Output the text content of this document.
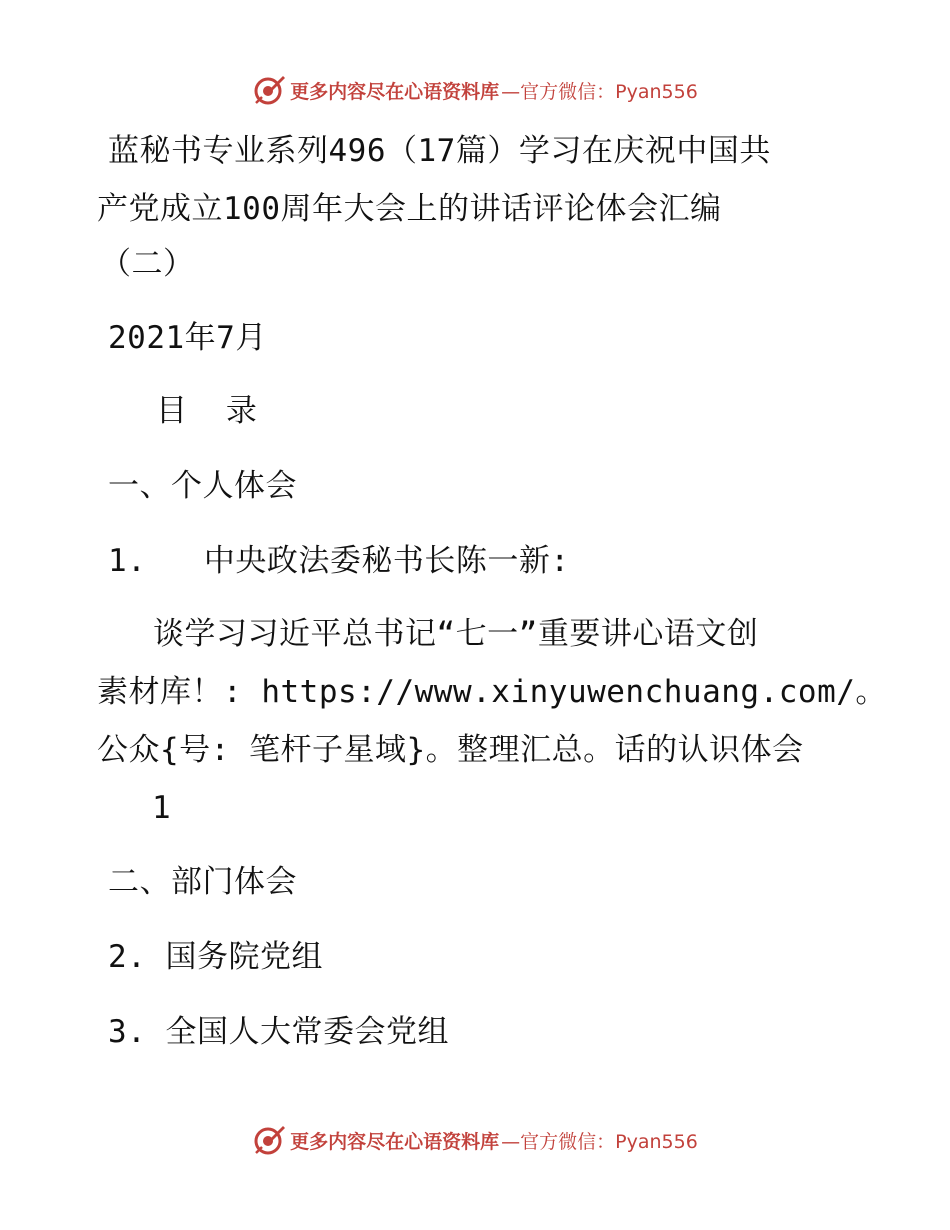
更多内容尽在心语资料库 —官方微信：Pyan556
蓝秘书专业系列496（17篇）学习在庆祝中国共
产党成立100周年大会上的讲话评论体会汇编
（二）
2021年7月
目  录
一、个人体会
1.   中央政法委秘书长陈一新:
谈学习习近平总书记“七一”重要讲心语文创
素材库！: https://www.xinyuwenchuang.com/。
公众{号: 笔杆子星域}。整理汇总。话的认识体会
1
二、部门体会
2. 国务院党组
3. 全国人大常委会党组
更多内容尽在心语资料库 —官方微信：Pyan556
